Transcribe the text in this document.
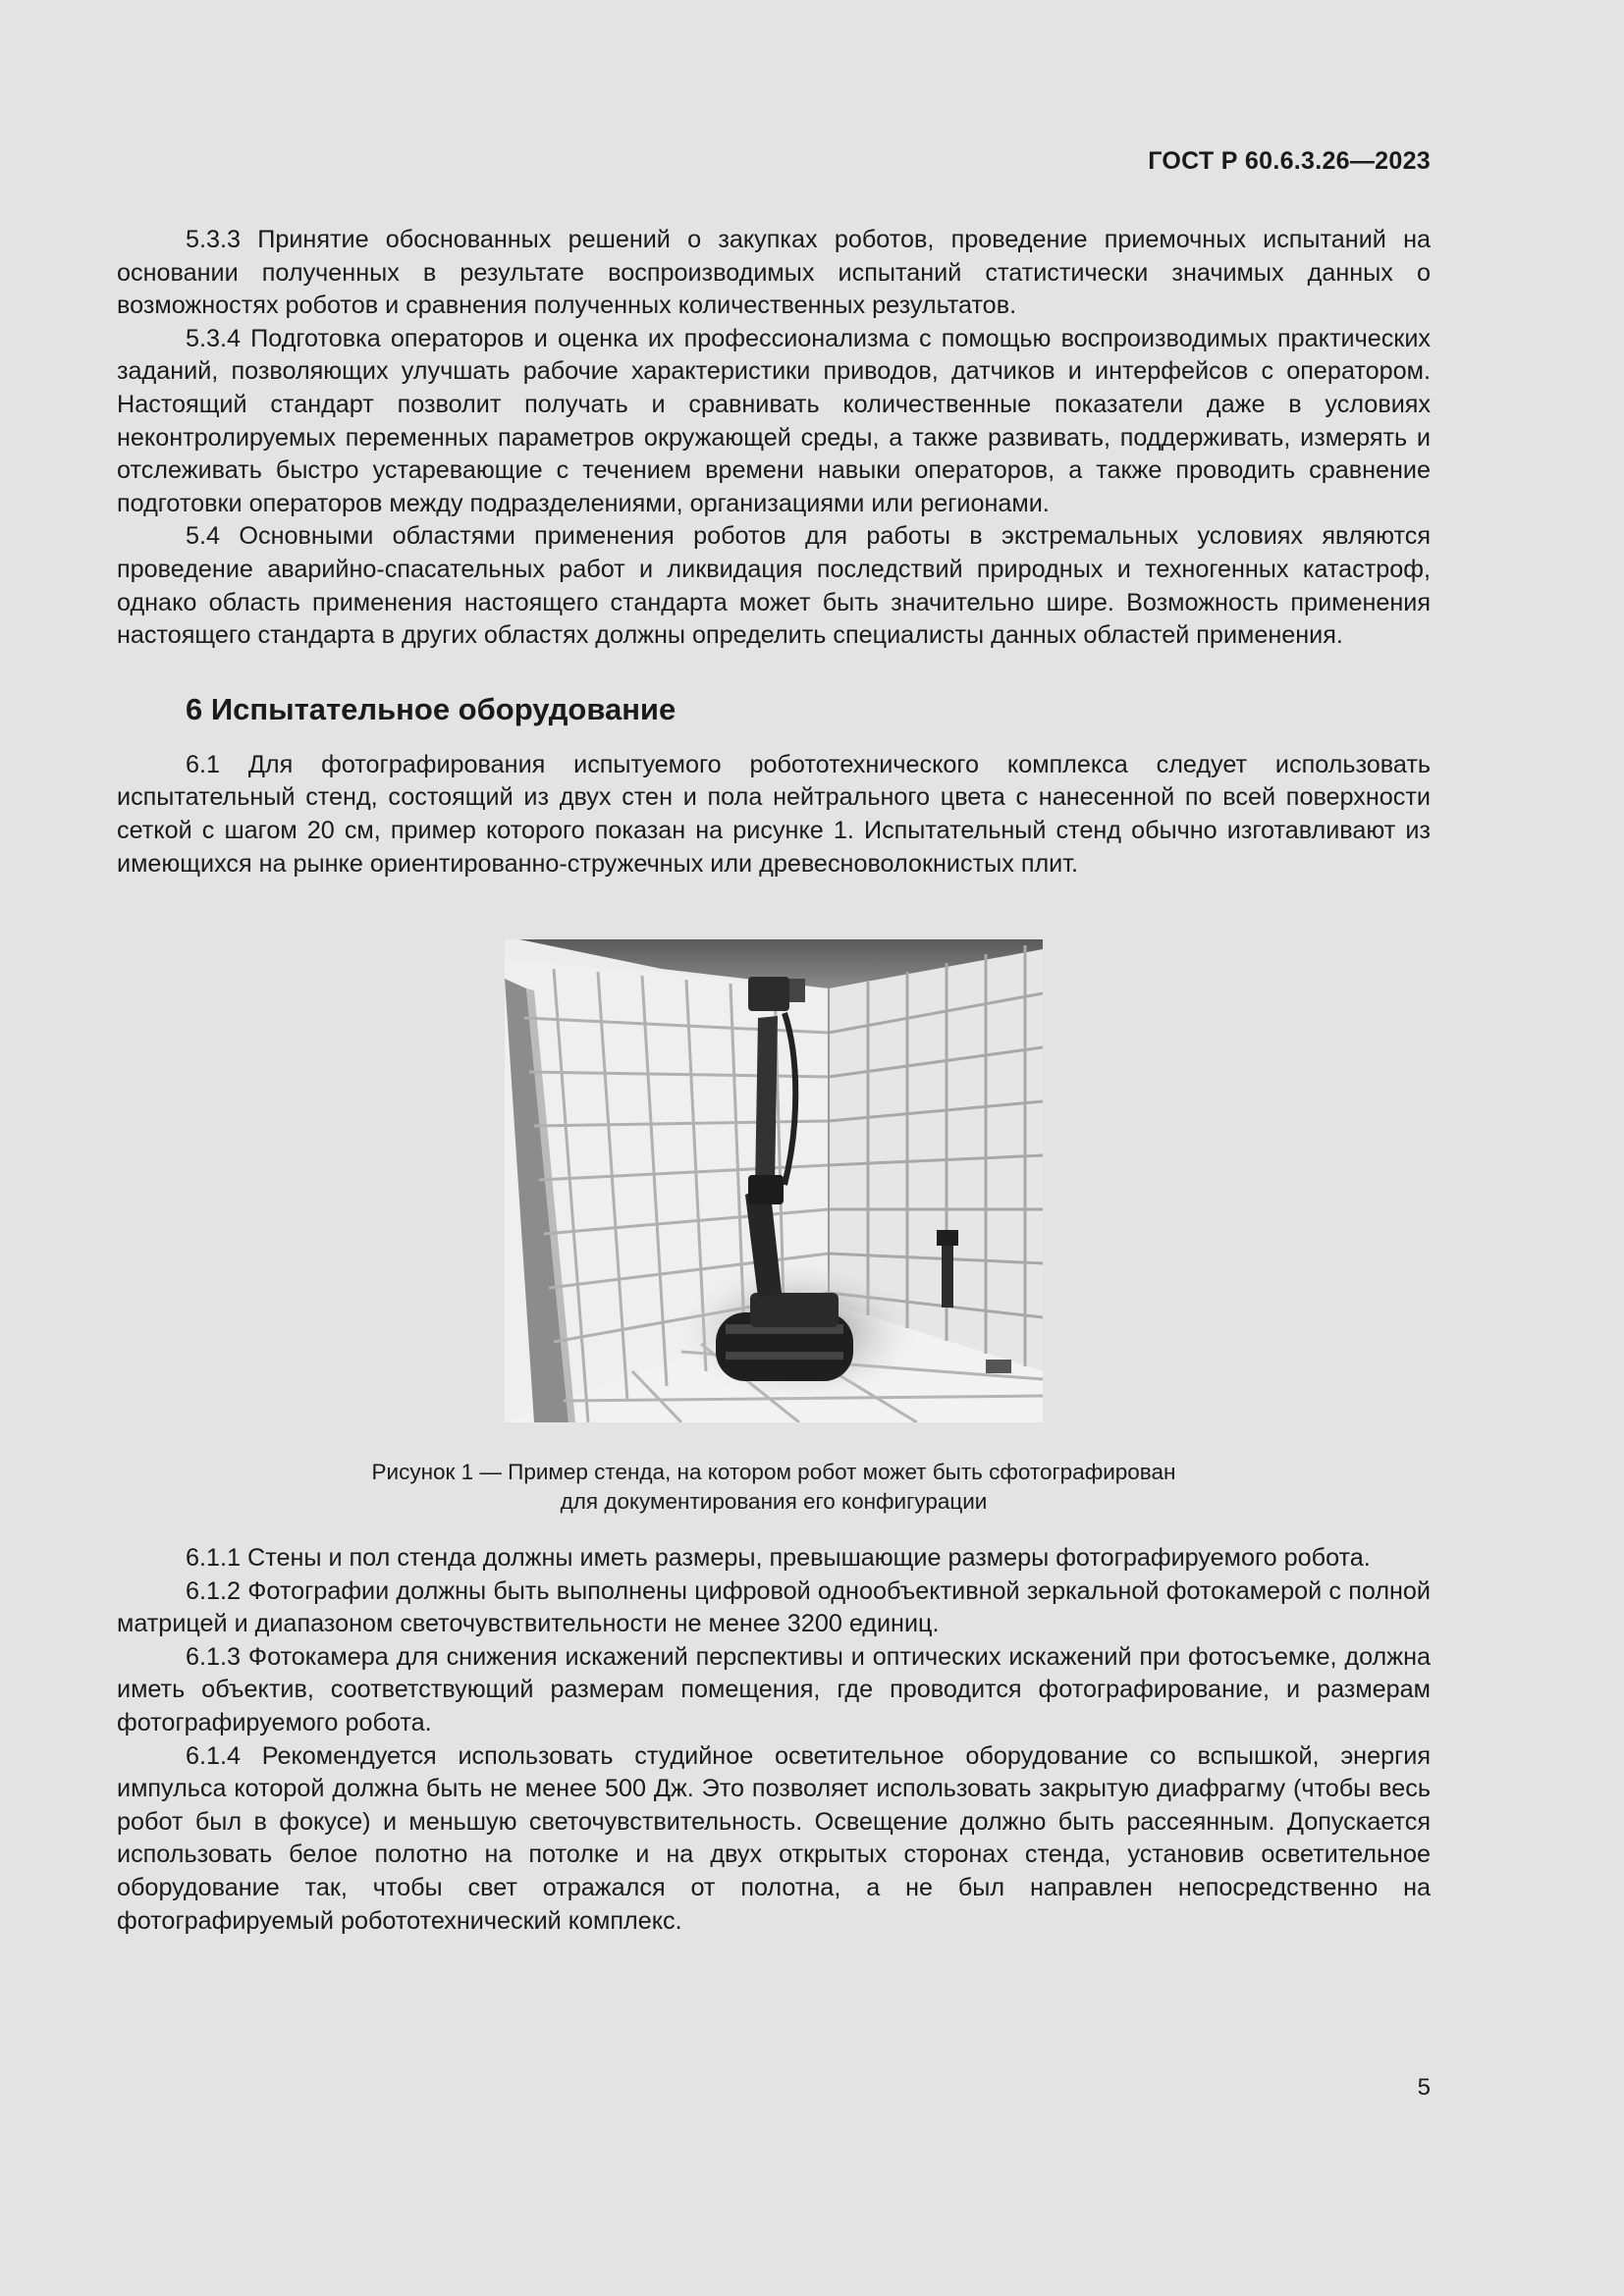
ГОСТ Р 60.6.3.26—2023

5.3.3 Принятие обоснованных решений о закупках роботов, проведение приемочных испытаний на основании полученных в результате воспроизводимых испытаний статистически значимых данных о возможностях роботов и сравнения полученных количественных результатов.

5.3.4 Подготовка операторов и оценка их профессионализма с помощью воспроизводимых практических заданий, позволяющих улучшать рабочие характеристики приводов, датчиков и интерфейсов с оператором. Настоящий стандарт позволит получать и сравнивать количественные показатели даже в условиях неконтролируемых переменных параметров окружающей среды, а также развивать, поддерживать, измерять и отслеживать быстро устаревающие с течением времени навыки операторов, а также проводить сравнение подготовки операторов между подразделениями, организациями или регионами.

5.4 Основными областями применения роботов для работы в экстремальных условиях являются проведение аварийно-спасательных работ и ликвидация последствий природных и техногенных катастроф, однако область применения настоящего стандарта может быть значительно шире. Возможность применения настоящего стандарта в других областях должны определить специалисты данных областей применения.

6 Испытательное оборудование

6.1 Для фотографирования испытуемого робототехнического комплекса следует использовать испытательный стенд, состоящий из двух стен и пола нейтрального цвета с нанесенной по всей поверхности сеткой с шагом 20 см, пример которого показан на рисунке 1. Испытательный стенд обычно изготавливают из имеющихся на рынке ориентированно-стружечных или древесноволокнистых плит.

Рисунок 1 — Пример стенда, на котором робот может быть сфотографирован
для документирования его конфигурации

6.1.1 Стены и пол стенда должны иметь размеры, превышающие размеры фотографируемого робота.

6.1.2 Фотографии должны быть выполнены цифровой однообъективной зеркальной фотокамерой с полной матрицей и диапазоном светочувствительности не менее 3200 единиц.

6.1.3 Фотокамера для снижения искажений перспективы и оптических искажений при фотосъемке, должна иметь объектив, соответствующий размерам помещения, где проводится фотографирование, и размерам фотографируемого робота.

6.1.4 Рекомендуется использовать студийное осветительное оборудование со вспышкой, энергия импульса которой должна быть не менее 500 Дж. Это позволяет использовать закрытую диафрагму (чтобы весь робот был в фокусе) и меньшую светочувствительность. Освещение должно быть рассеянным. Допускается использовать белое полотно на потолке и на двух открытых сторонах стенда, установив осветительное оборудование так, чтобы свет отражался от полотна, а не был направлен непосредственно на фотографируемый робототехнический комплекс.

5
